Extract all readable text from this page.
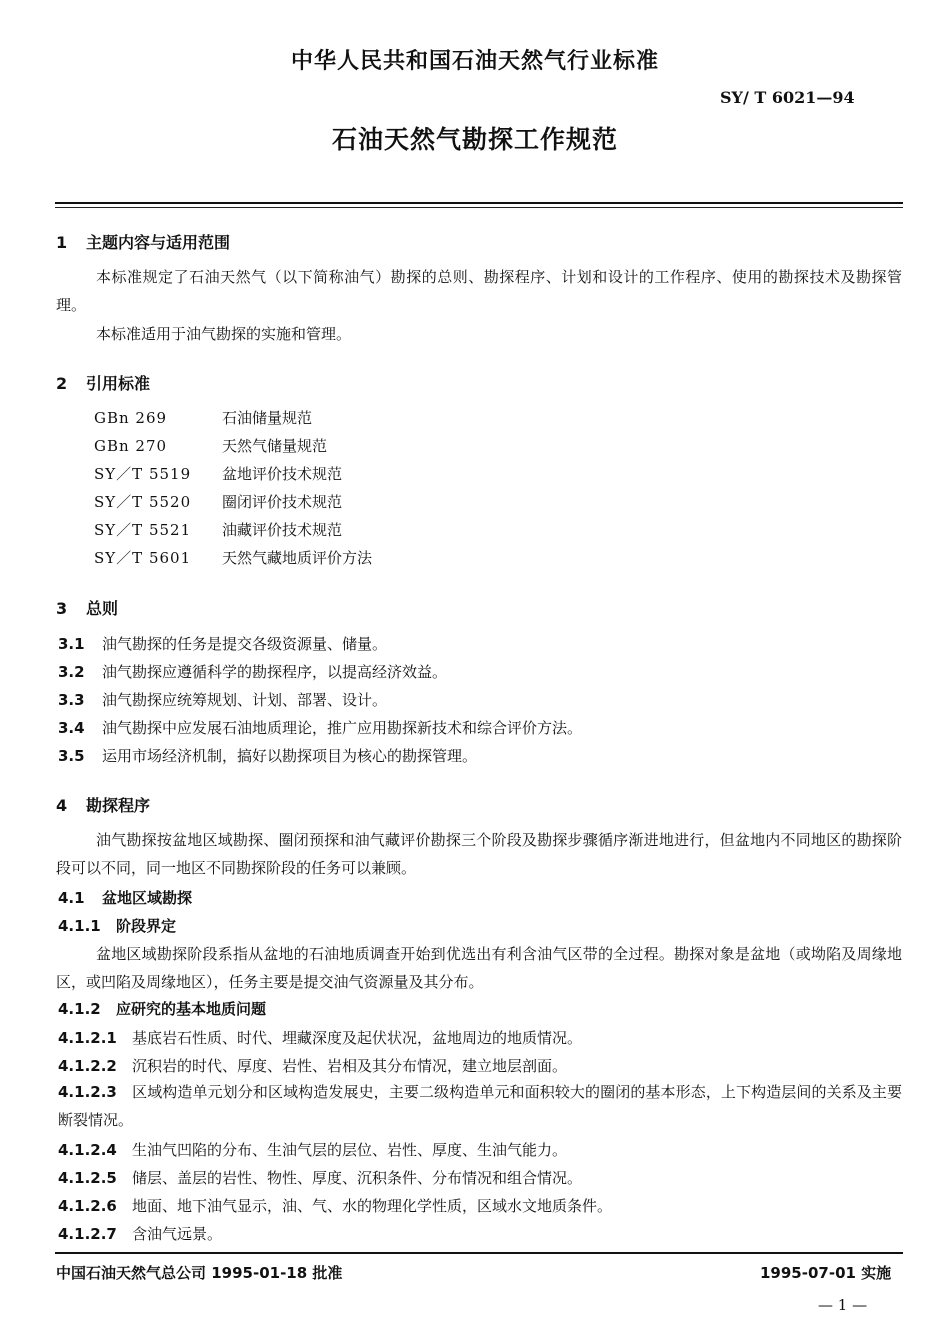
中华人民共和国石油天然气行业标准
SY/ T 6021—94
石油天然气勘探工作规范
1 主题内容与适用范围
本标准规定了石油天然气（以下简称油气）勘探的总则、勘探程序、计划和设计的工作程序、使用的勘探技术及勘探管理。
本标准适用于油气勘探的实施和管理。
2 引用标准
GBn 269	石油储量规范
GBn 270	天然气储量规范
SY／T 5519 盆地评价技术规范
SY／T 5520 圈闭评价技术规范
SY／T 5521 油藏评价技术规范
SY／T 5601 天然气藏地质评价方法
3 总则
3.1 油气勘探的任务是提交各级资源量、储量。
3.2 油气勘探应遵循科学的勘探程序，以提高经济效益。
3.3 油气勘探应统筹规划、计划、部署、设计。
3.4 油气勘探中应发展石油地质理论，推广应用勘探新技术和综合评价方法。
3.5 运用市场经济机制，搞好以勘探项目为核心的勘探管理。
4 勘探程序
油气勘探按盆地区域勘探、圈闭预探和油气藏评价勘探三个阶段及勘探步骤循序渐进地进行，但盆地内不同地区的勘探阶段可以不同，同一地区不同勘探阶段的任务可以兼顾。
4.1 盆地区域勘探
4.1.1 阶段界定
盆地区域勘探阶段系指从盆地的石油地质调查开始到优选出有利含油气区带的全过程。勘探对象是盆地（或坳陷及周缘地区，或凹陷及周缘地区），任务主要是提交油气资源量及其分布。
4.1.2 应研究的基本地质问题
4.1.2.1 基底岩石性质、时代、埋藏深度及起伏状况，盆地周边的地质情况。
4.1.2.2 沉积岩的时代、厚度、岩性、岩相及其分布情况，建立地层剖面。
4.1.2.3 区域构造单元划分和区域构造发展史，主要二级构造单元和面积较大的圈闭的基本形态，上下构造层间的关系及主要断裂情况。
4.1.2.4 生油气凹陷的分布、生油气层的层位、岩性、厚度、生油气能力。
4.1.2.5 储层、盖层的岩性、物性、厚度、沉积条件、分布情况和组合情况。
4.1.2.6 地面、地下油气显示，油、气、水的物理化学性质，区域水文地质条件。
4.1.2.7 含油气远景。
中国石油天然气总公司 1995-01-18 批准	1995-07-01 实施
— 1 —
